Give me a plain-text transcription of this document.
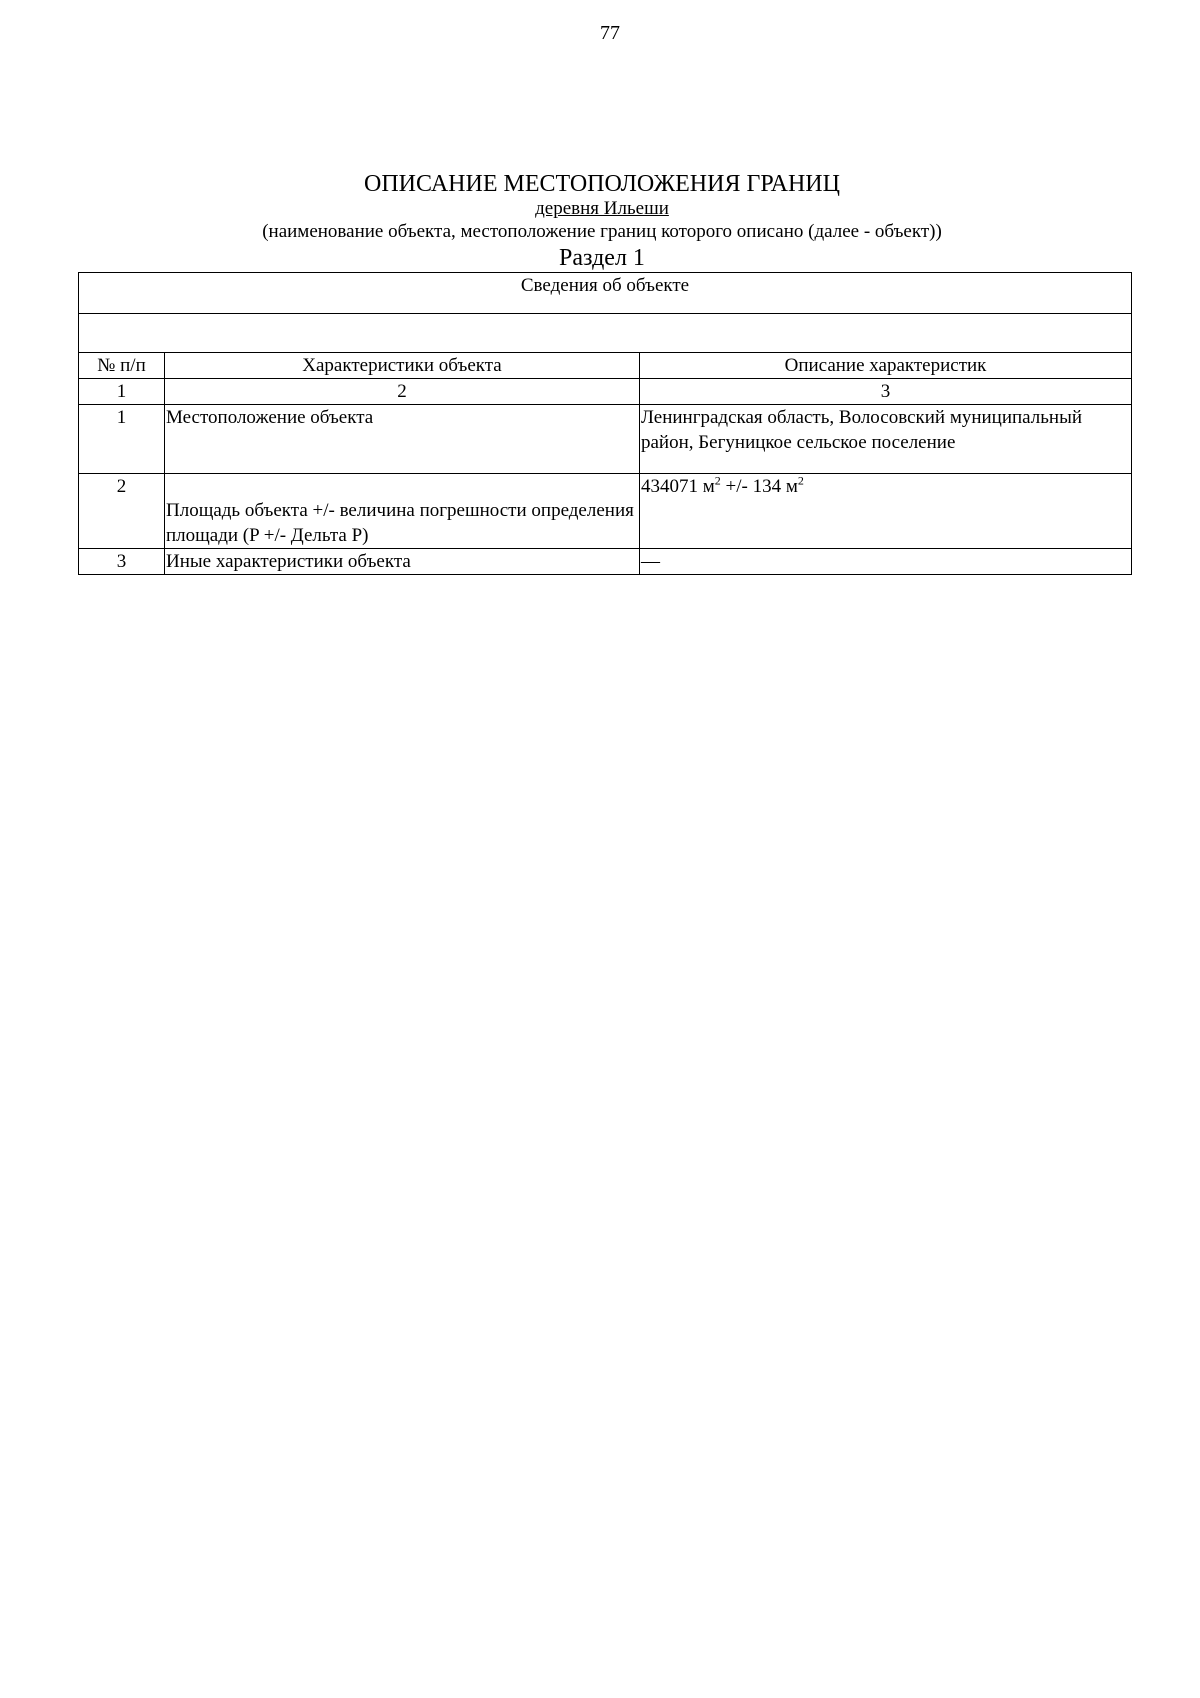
77
ОПИСАНИЕ МЕСТОПОЛОЖЕНИЯ ГРАНИЦ
деревня Ильеши
(наименование объекта, местоположение границ которого описано (далее - объект))
Раздел 1
Сведения об объекте		

№ п/п	Характеристики объекта	Описание характеристик
1	2	3
1	Местоположение объекта	Ленинградская область, Волосовский муниципальный район, Бегуницкое сельское поселение
2	Площадь объекта +/- величина погрешности определения площади (P +/- Дельта P)	434071 $м^2$ +/- 134 $м^2$
3	Иные характеристики объекта	—
